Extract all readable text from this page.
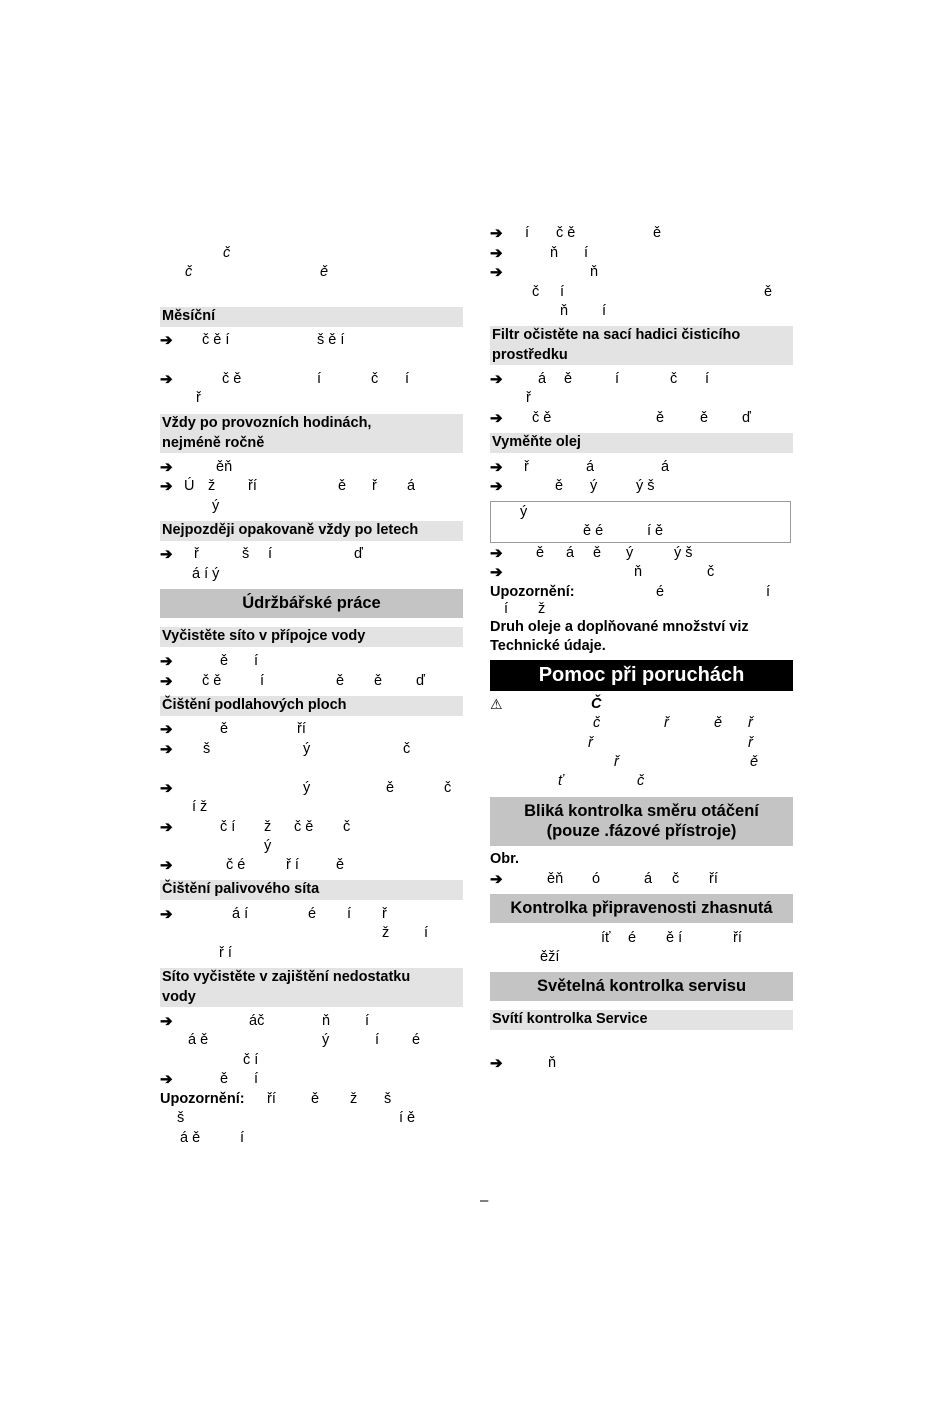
č
č	ě
Měsíční
➔ č ě í	š ě í
➔	č ě	í	č í
ř
Vždy po provozních hodinách,
nejméně ročně
➔	ěň
➔ Ú ž ří	ě ř á
ý
Nejpozději opakovaně vždy po letech
➔ ř	š í	ď
á í ý
Údržbářské práce
Vyčistěte síto v přípojce vody
➔	ě í
➔ č ě	í	ě ě ď
Čištění podlahových ploch
➔	ě	ří
➔ š	ý	č
➔	ý	ě	č
í ž
➔	č í ž č ě č
ý
➔	č é	ř í	ě
Čištění palivového síta
➔	á í	é í ř
ž í
ř í
Síto vyčistěte v zajištění nedostatku
vody
➔	áč	ň í
á ě	ý	í é
č í
➔	ě í
Upozornění: ří ě ž š
š	í ě
á ě	í
➔ í č ě	ě
➔	ň í
➔	ň
č í	ě
ň í
Filtr očistěte na sací hadici čisticího
prostředku
➔ á ě	í	č í
ř
➔ č ě	ě ě ď
Vyměňte olej
➔ ř	á	á
➔	ě ý	ý š
ý
ě é	í ě
➔ ě á ě ý	ý š
➔	ň	č
Upozornění:	é	í
í ž
Druh oleje a doplňované množství viz
Technické údaje.
Pomoc při poruchách
⚠	Č
č	ř	ě ř
ř	ř
ř	ě
ť	č
Bliká kontrolka směru otáčení
(pouze .fázové přístroje)
Obr.
➔	ěň ó	á č ří
Kontrolka připravenosti zhasnutá
íť é ě í	ří
ěží
Světelná kontrolka servisu
Svítí kontrolka Service
➔	ň
–
